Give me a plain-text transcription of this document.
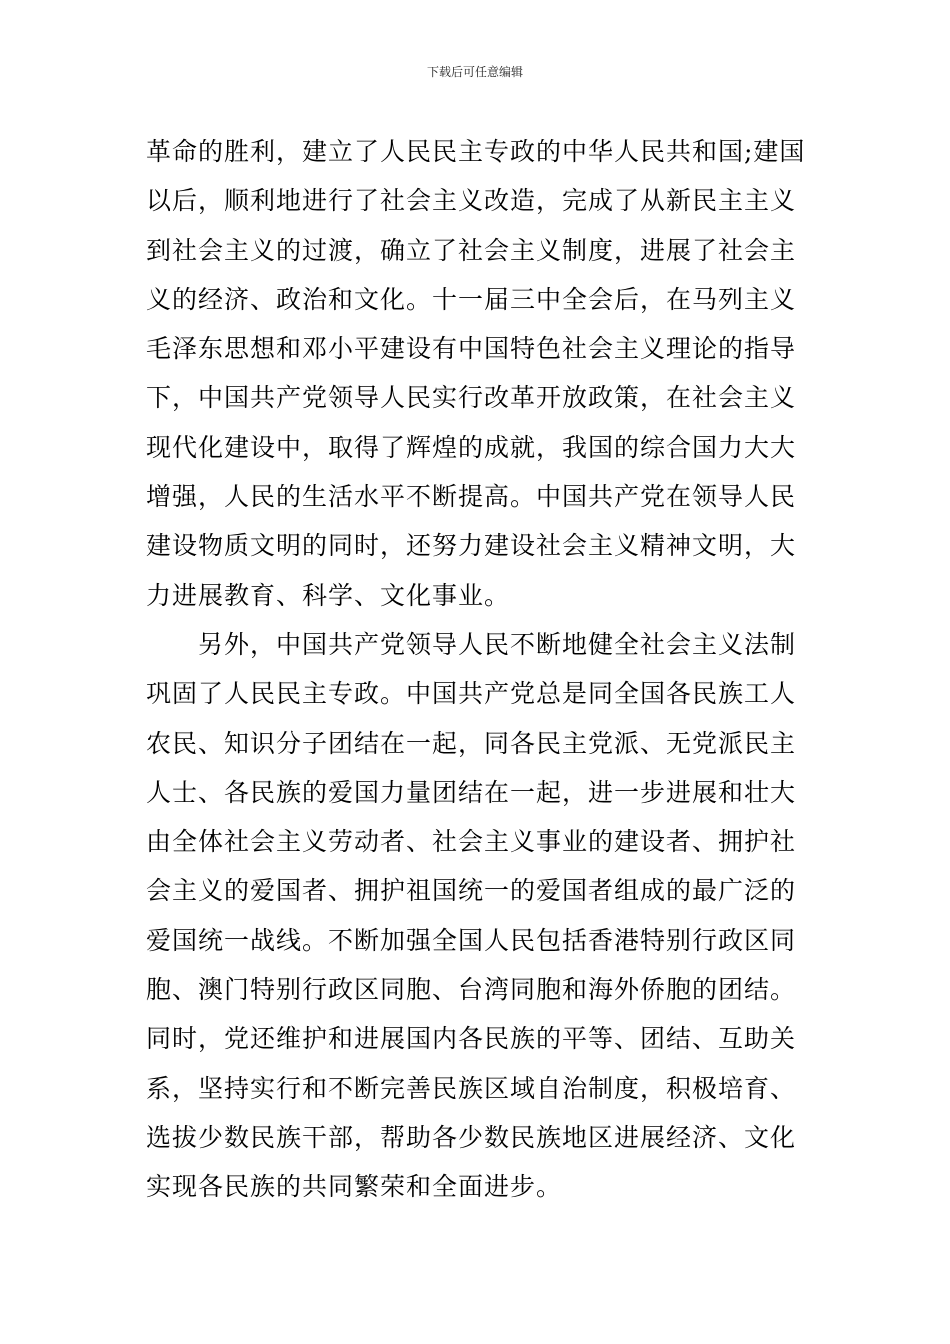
下载后可任意编辑
革命的胜利，建立了人民民主专政的中华人民共和国;建国
以后，顺利地进行了社会主义改造，完成了从新民主主义
到社会主义的过渡，确立了社会主义制度，进展了社会主
义的经济、政治和文化。十一届三中全会后，在马列主义
毛泽东思想和邓小平建设有中国特色社会主义理论的指导
下，中国共产党领导人民实行改革开放政策，在社会主义
现代化建设中，取得了辉煌的成就，我国的综合国力大大
增强，人民的生活水平不断提高。中国共产党在领导人民
建设物质文明的同时，还努力建设社会主义精神文明，大
力进展教育、科学、文化事业。
　　另外，中国共产党领导人民不断地健全社会主义法制
巩固了人民民主专政。中国共产党总是同全国各民族工人
农民、知识分子团结在一起，同各民主党派、无党派民主
人士、各民族的爱国力量团结在一起，进一步进展和壮大
由全体社会主义劳动者、社会主义事业的建设者、拥护社
会主义的爱国者、拥护祖国统一的爱国者组成的最广泛的
爱国统一战线。不断加强全国人民包括香港特别行政区同
胞、澳门特别行政区同胞、台湾同胞和海外侨胞的团结。
同时，党还维护和进展国内各民族的平等、团结、互助关
系，坚持实行和不断完善民族区域自治制度，积极培育、
选拔少数民族干部，帮助各少数民族地区进展经济、文化
实现各民族的共同繁荣和全面进步。
